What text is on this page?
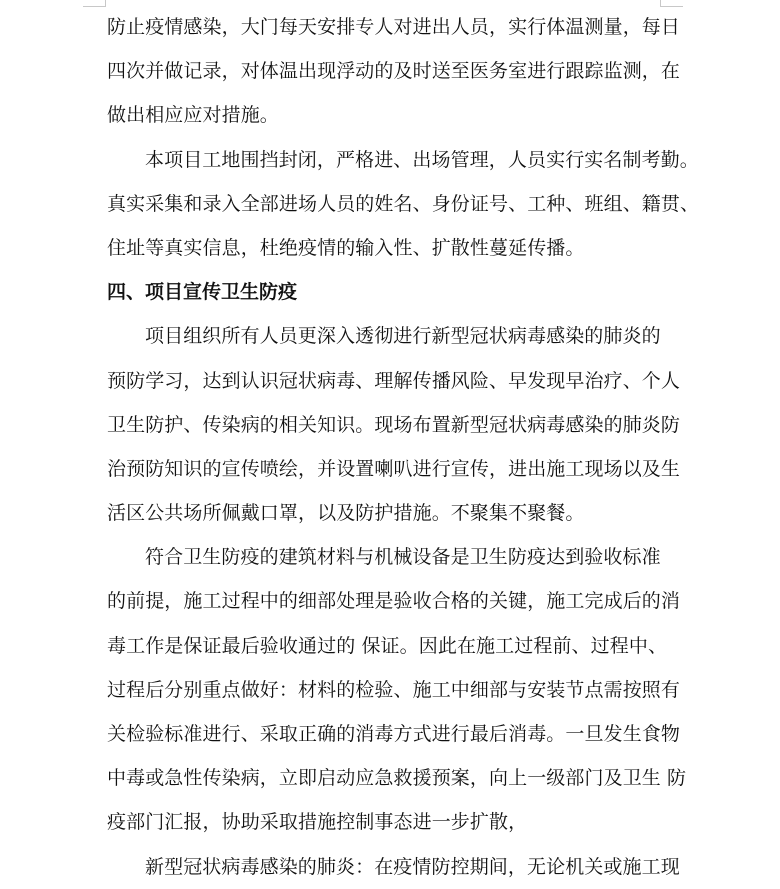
防止疫情感染，大门每天安排专人对进出人员，实行体温测量，每日
四次并做记录，对体温出现浮动的及时送至医务室进行跟踪监测，在
做出相应应对措施。
本项目工地围挡封闭，严格进、出场管理，人员实行实名制考勤。
真实采集和录入全部进场人员的姓名、身份证号、工种、班组、籍贯、
住址等真实信息，杜绝疫情的输入性、扩散性蔓延传播。
四、项目宣传卫生防疫
项目组织所有人员更深入透彻进行新型冠状病毒感染的肺炎的
预防学习，达到认识冠状病毒、理解传播风险、早发现早治疗、个人
卫生防护、传染病的相关知识。现场布置新型冠状病毒感染的肺炎防
治预防知识的宣传喷绘，并设置喇叭进行宣传，进出施工现场以及生
活区公共场所佩戴口罩，以及防护措施。不聚集不聚餐。
符合卫生防疫的建筑材料与机械设备是卫生防疫达到验收标准
的前提，施工过程中的细部处理是验收合格的关键，施工完成后的消
毒工作是保证最后验收通过的 保证。因此在施工过程前、过程中、
过程后分别重点做好：材料的检验、施工中细部与安装节点需按照有
关检验标准进行、采取正确的消毒方式进行最后消毒。一旦发生食物
中毒或急性传染病，立即启动应急救援预案，向上一级部门及卫生 防
疫部门汇报，协助采取措施控制事态进一步扩散，
新型冠状病毒感染的肺炎：在疫情防控期间，无论机关或施工现
